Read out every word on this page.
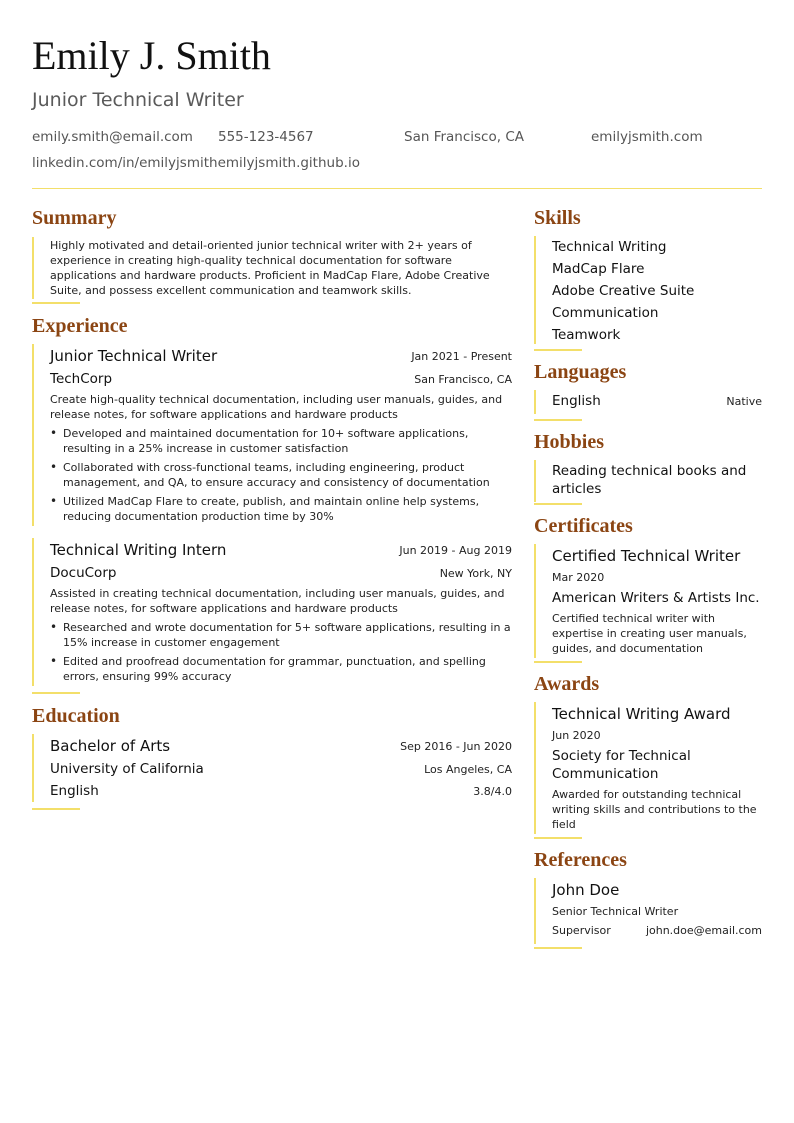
Emily J. Smith
Junior Technical Writer
emily.smith@email.com 555-123-4567	San Francisco, CA	emilyjsmith.com
linkedin.com/in/emilyjsmithemilyjsmith.github.io
Summary
Highly motivated and detail-oriented junior technical writer with 2+ years of experience in creating high-quality technical documentation for software applications and hardware products. Proficient in MadCap Flare, Adobe Creative Suite, and possess excellent communication and teamwork skills.
Experience
Junior Technical Writer	Jan 2021 - Present
TechCorp	San Francisco, CA
Create high-quality technical documentation, including user manuals, guides, and release notes, for software applications and hardware products
• Developed and maintained documentation for 10+ software applications, resulting in a 25% increase in customer satisfaction
• Collaborated with cross-functional teams, including engineering, product management, and QA, to ensure accuracy and consistency of documentation
• Utilized MadCap Flare to create, publish, and maintain online help systems, reducing documentation production time by 30%
Technical Writing Intern	Jun 2019 - Aug 2019
DocuCorp	New York, NY
Assisted in creating technical documentation, including user manuals, guides, and release notes, for software applications and hardware products
• Researched and wrote documentation for 5+ software applications, resulting in a 15% increase in customer engagement
• Edited and proofread documentation for grammar, punctuation, and spelling errors, ensuring 99% accuracy
Education
Bachelor of Arts	Sep 2016 - Jun 2020
University of California	Los Angeles, CA
English	3.8/4.0
Skills
Technical Writing
MadCap Flare
Adobe Creative Suite
Communication
Teamwork
Languages
English	Native
Hobbies
Reading technical books and articles
Certificates
Certified Technical Writer
Mar 2020
American Writers & Artists Inc.
Certified technical writer with expertise in creating user manuals, guides, and documentation
Awards
Technical Writing Award
Jun 2020
Society for Technical Communication
Awarded for outstanding technical writing skills and contributions to the field
References
John Doe
Senior Technical Writer
Supervisor	john.doe@email.com
